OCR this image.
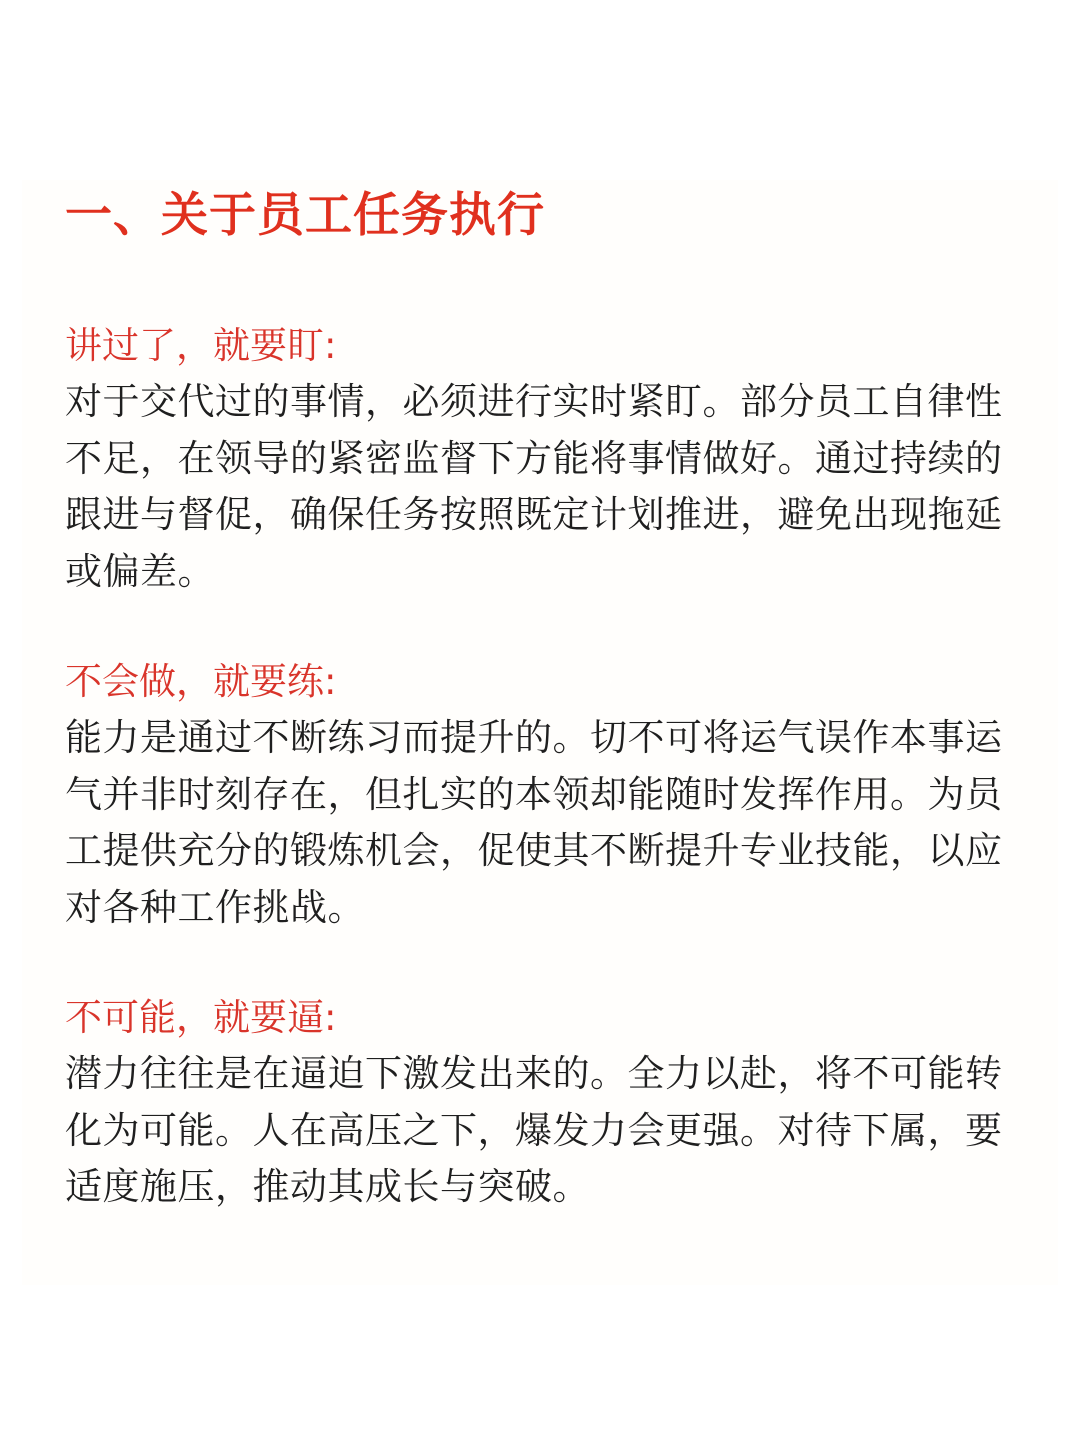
一、关于员工任务执行
讲过了，就要盯:

对于交代过的事情，必须进行实时紧盯。部分员工自律性不足，在领导的紧密监督下方能将事情做好。通过持续的跟进与督促，确保任务按照既定计划推进，避免出现拖延或偏差。

不会做，就要练:

能力是通过不断练习而提升的。切不可将运气误作本事运气并非时刻存在，但扎实的本领却能随时发挥作用。为员工提供充分的锻炼机会，促使其不断提升专业技能，以应对各种工作挑战。

不可能，就要逼:

潜力往往是在逼迫下激发出来的。全力以赴，将不可能转化为可能。人在高压之下，爆发力会更强。对待下属，要适度施压，推动其成长与突破。
